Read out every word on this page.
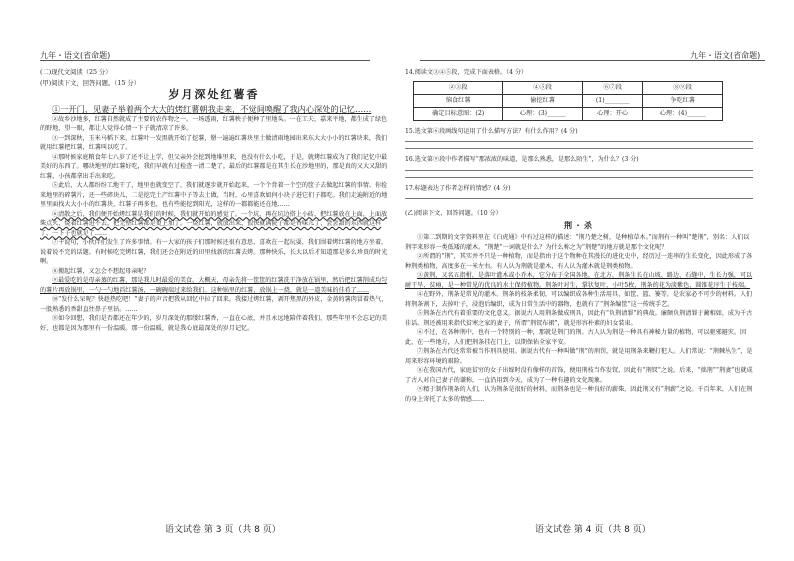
九年・语文(省命题)	九年・语文(省命题)

(二)现代文阅读（25 分）

(甲)阅读下文，回答问题。（15 分）

岁月深处红薯香

①一开门，见妻子举着两个大大的烤红薯朝我走来，不觉间唤醒了我内心深处的记忆……

②故乡沙地多，红薯自然就成了主要的农作物之一。一场透雨，红薯秧子便种了里地头。一在工夫，嘉来平地，都生成了绿色的野地，望一眼，都让人觉得心情一下子就清凉了许多。

③一到深秋，玉米马稻下来，红薯叶一发黑就开始了挖薯，掰一遍遍红薯块里土做清雨地园出来东大大小小的红薯块来，我们就用红薯把红薯，红薯叫以吃了。

④那时候家庭粮食年七八岁了还不让上学，但父亲外会挖到地堆里来，也没有什么小吃，于是，就烤红薯成为了我们记忆中最美好的东西了。哪块地里的红薯好吃，我们早就有过检查一清二楚了。最后的红薯都是在其生长在沙地里的，那是真的又大又甜的红薯，小孩都拿出手出来吃。

⑤此后，大人都纷纷工地干了，地里也就变空了，我们就逐步就开始起来，一个个背着一个空的筐子去做起红薯的事情。你捡来地里的碎薯片，还一些碎块儿，二是挖完土产红薯中子等去土做，当时，心里喜欢如何小块子进它们子都吃。我们走遍附近的地里里面找大大小小的红薯块，红薯子再多也，也有些能挖到阳光，这样的一都都能还在地……

⑥清散之后，我们便开始烤红薯是我们的时候，我们就开始的感觉了。一个坑，再在坑边搭上小砖，把红薯放在上面，上面放柴点火，烧着红薯进不去，把完整红薯都是更上加了。一烧红薯，就放出来，很快就满院子都是香味儿了，尝尝甜的东西就这样了，一下子也就是了……

⑦千说句，小伙伴们发生了许多事情。有一大家的孩子们那时候还很有意思，喜欢在一起玩耍，我们围着烤红薯的地方坐着，说着说不完的话题。有时候吃完烤红薯，我们还会在附近的田里找新的红薯去烤。那种快乐，长大以后才知道那是多么珍贵的时光啊。

⑧搬起红薯，又怎会不想起母亲呢？

⑨最爱吃的是母亲蒸的红薯，那是我儿时最爱的美食。大概天，母亲先将一筐筐的红薯洗干净放在锅里，然后把红薯削成均匀的薯片再放锅里，一勺一勺地舀红薯汤，一碗碗端过来给我们。这种锅里的红薯，放锅上一烧，就是一道美味的佳肴了……

⑩“发什么呆呢？快趁热吃吧！”妻子的声音把我从回忆中拉了回来。我接过烤红薯，剥开焦黑的外皮，金黄的薯肉冒着热气，一股熟悉的香甜直往鼻子里钻。……

⑪如今回想，我们是否都还在年少的，岁月深处的那缕红薯香，一直在心底，并且永远地陪伴着我们，那些年里不会忘记的美好，也都是因为那里有一份温暖。那一份温暖，就是我心底最深处的岁月记忆。

14.阅读文③④⑤段，完成下面表格。（4 分）

②③段	④⑤段	⑥⑦段	⑧⑨段
恼食红薯	偷挖红薯	(1)________	争吃红薯
确定目标意图：(2)	心理：(3)______	心理：开心	心理：(4)______

15.选文第⑥段画线句运用了什么描写方法？有什么作用？(4 分)

16.选文第⑨段中作者描写“那浓浓的味道，是那么熟悉，是那么陌生”，为什么？(3 分)

17.标题表达了作者怎样的情感？(4 分)

(乙)阅读下文，回答问题。（10 分）

荆・杀

①第二到期的文字资料里在《白虎通》中有过这样的描述：“荆乃楚之树，是种植草木。”而荆有一种叫“楚荆”，别名：人们以荆字来形容一类低矮的灌木。“荆楚”一词就是什么？为什么称之为“荆楚”的地方就是那个文化呢？

②所谓的“荆”，其实并不只是一种植物，而是指由于这个物种在其漫长的进化史中，经历过一连串的生长变化，因此形成了各种荆类植物，高度多在一米左右。有人认为荆就是灌木，有人认为灌木就是荆类植物。

③黄荆，又名五指柑，是落叶灌木或小乔木，它分布于全国各地。在北方，荆条生长在山坡、路边、石缝中，生长力强，可以耐干旱、贫瘠，是一种常见的优良的水土保持植物。荆条叶对生，掌状复叶，小叶5枚，荆条的花为淡紫色，圆锥花序生于枝端。

④在野外，荆条是常见的灌木。荆条的枝条柔韧，可以编织成各种生活用具，如筐、篮、篓等，是农家必不可少的材料。人们将荆条割下，去掉叶子，浸泡后编织，成为日常生活中的器物，也就有了“荆条编筐”这一传统手艺。

⑤荆条在古代有着重要的文化意义。据说古人用荆条做成刑具，因此有“负荆请罪”的典故。廉颇负荆请罪于蔺相如，成为千古佳话。荆还被用来指代贫寒之家的妻子，所谓“荆钗布裙”，就是形容朴素的妇女装束。

⑥不过，在各种荆中，也有一个特别的一种，那就是荆门的荆。古人认为荆是一种具有神秘力量的植物，可以驱邪避灾。因此，在一些地方，人们把荆条挂在门上，以期保佑全家平安。

⑦荆条在古代还常常被当作刑具使用。据说古代有一种叫做“荆”的刑罚，就是用荆条来鞭打犯人。人们常说：“荆棘丛生”，是用来形容环境的艰险。

⑧在我国古代，家庭贫穷的女子出嫁时没有像样的首饰，便用荆枝当作发钗，因此有“荆钗”之说。后来，“拙荆”“荆妻”也就成了古人对自己妻子的谦称，一直沿用到今天，成为了一种有趣的文化现象。

⑨精于制作荆条的人们，认为荆条是很好的材料，而荆条也是一种良好的薪柴，因此荆又有“荆薪”之说。千百年来，人们在荆的身上寄托了太多的情感……

语文试卷 第 3 页（共 8 页）	语文试卷 第 4 页（共 8 页）
